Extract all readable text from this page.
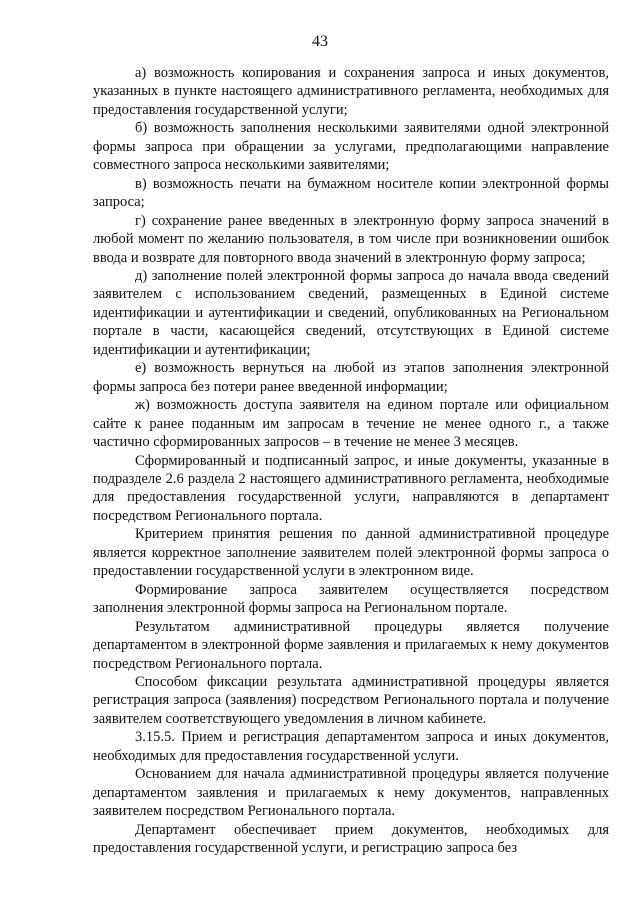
43

а) возможность копирования и сохранения запроса и иных документов, указанных в пункте настоящего административного регламента, необходимых для предоставления государственной услуги;

б) возможность заполнения несколькими заявителями одной электронной формы запроса при обращении за услугами, предполагающими направление совместного запроса несколькими заявителями;

в) возможность печати на бумажном носителе копии электронной формы запроса;

г) сохранение ранее введенных в электронную форму запроса значений в любой момент по желанию пользователя, в том числе при возникновении ошибок ввода и возврате для повторного ввода значений в электронную форму запроса;

д) заполнение полей электронной формы запроса до начала ввода сведений заявителем с использованием сведений, размещенных в Единой системе идентификации и аутентификации и сведений, опубликованных на Региональном портале в части, касающейся сведений, отсутствующих в Единой системе идентификации и аутентификации;

е) возможность вернуться на любой из этапов заполнения электронной формы запроса без потери ранее введенной информации;

ж) возможность доступа заявителя на едином портале или официальном сайте к ранее поданным им запросам в течение не менее одного г., а также частично сформированных запросов – в течение не менее 3 месяцев.

Сформированный и подписанный запрос, и иные документы, указанные в подразделе 2.6 раздела 2 настоящего административного регламента, необходимые для предоставления государственной услуги, направляются в департамент посредством Регионального портала.

Критерием принятия решения по данной административной процедуре является корректное заполнение заявителем полей электронной формы запроса о предоставлении государственной услуги в электронном виде.

Формирование запроса заявителем осуществляется посредством заполнения электронной формы запроса на Региональном портале.

Результатом административной процедуры является получение департаментом в электронной форме заявления и прилагаемых к нему документов посредством Регионального портала.

Способом фиксации результата административной процедуры является регистрация запроса (заявления) посредством Регионального портала и получение заявителем соответствующего уведомления в личном кабинете.

3.15.5. Прием и регистрация департаментом запроса и иных документов, необходимых для предоставления государственной услуги.

Основанием для начала административной процедуры является получение департаментом заявления и прилагаемых к нему документов, направленных заявителем посредством Регионального портала.

Департамент обеспечивает прием документов, необходимых для предоставления государственной услуги, и регистрацию запроса без
